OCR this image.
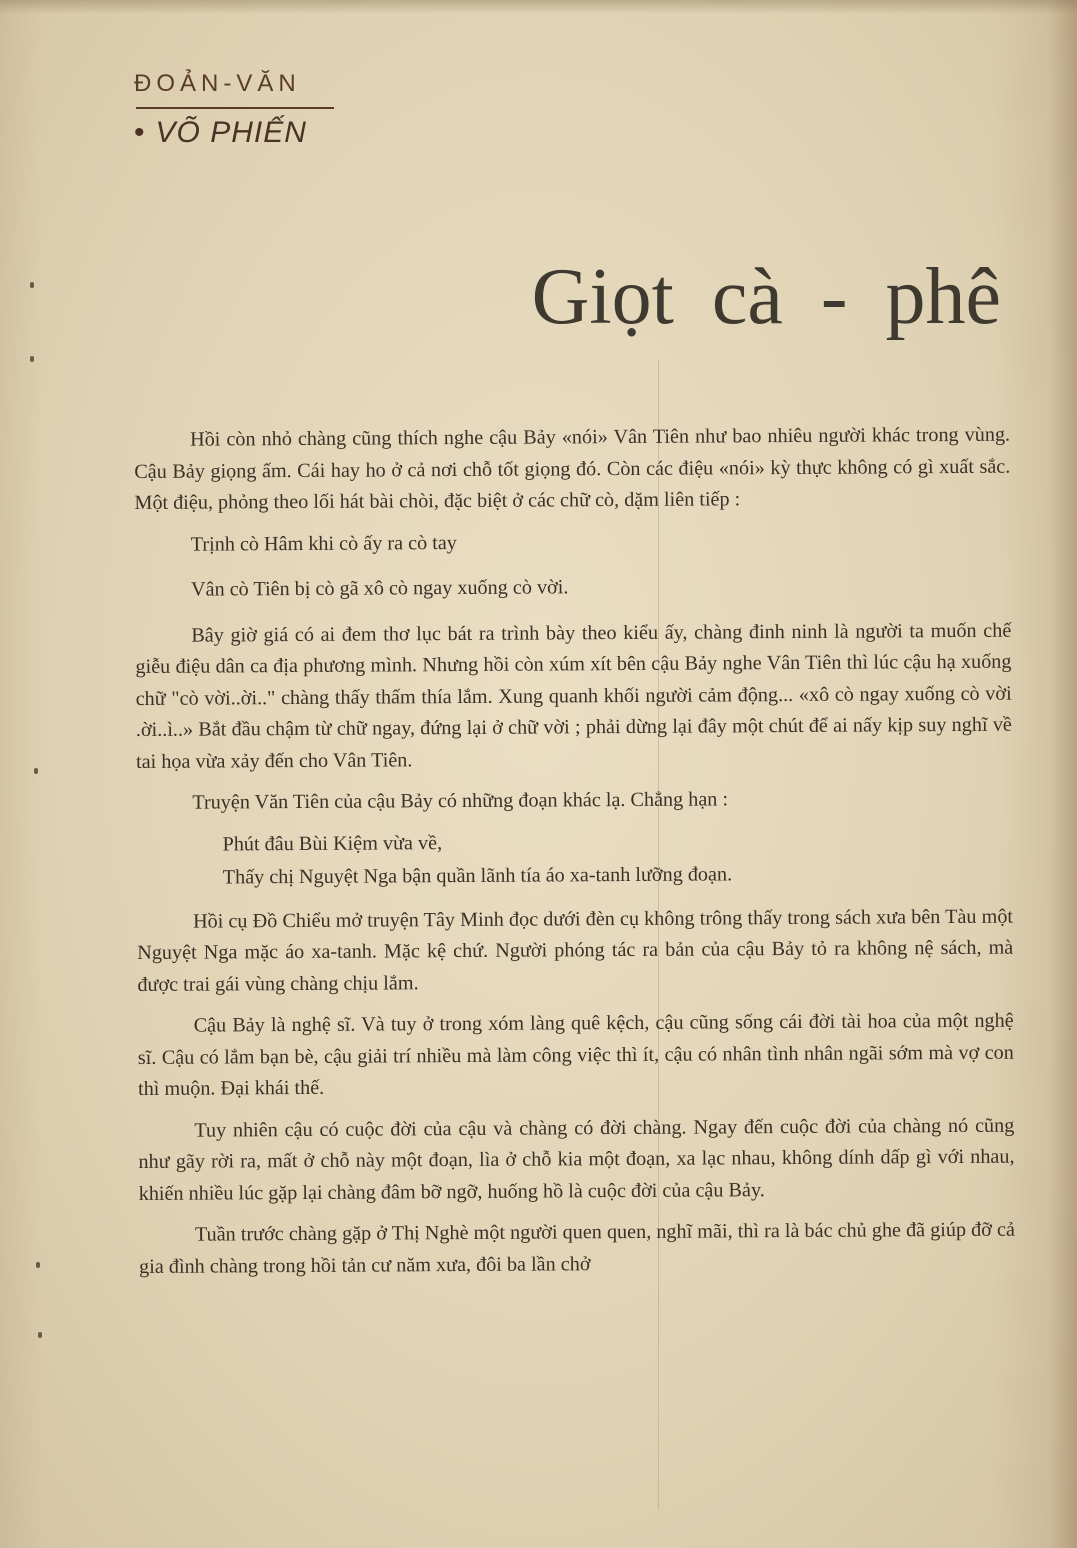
ĐOẢN-VĂN
• VÕ PHIẾN
Giọt cà - phê

Hồi còn nhỏ chàng cũng thích nghe cậu Bảy «nói» Vân Tiên như bao nhiêu người khác trong vùng. Cậu Bảy giọng ấm. Cái hay ho ở cả nơi chỗ tốt giọng đó. Còn các điệu «nói» kỳ thực không có gì xuất sắc. Một điệu, phỏng theo lối hát bài chòi, đặc biệt ở các chữ cò, dặm liên tiếp :

Trịnh cò Hâm khi cò ấy ra cò tay

Vân cò Tiên bị cò gã xô cò ngay xuống cò vời.

Bây giờ giá có ai đem thơ lục bát ra trình bày theo kiểu ấy, chàng đinh ninh là người ta muốn chế giễu điệu dân ca địa phương mình. Nhưng hồi còn xúm xít bên cậu Bảy nghe Vân Tiên thì lúc cậu hạ xuống chữ "cò vời..ời.." chàng thấy thấm thía lắm. Xung quanh khối người cảm động... «xô cò ngay xuống cò vời .ời..ì..» Bắt đầu chậm từ chữ ngay, đứng lại ở chữ vời ; phải dừng lại đây một chút để ai nấy kịp suy nghĩ về tai họa vừa xảy đến cho Vân Tiên.

Truyện Văn Tiên của cậu Bảy có những đoạn khác lạ. Chẳng hạn :

Phút đâu Bùi Kiệm vừa về,

Thấy chị Nguyệt Nga bận quần lãnh tía áo xa-tanh lưỡng đoạn.

Hồi cụ Đồ Chiểu mở truyện Tây Minh đọc dưới đèn cụ không trông thấy trong sách xưa bên Tàu một Nguyệt Nga mặc áo xa-tanh. Mặc kệ chứ. Người phóng tác ra bản của cậu Bảy tỏ ra không nệ sách, mà được trai gái vùng chàng chịu lắm.

Cậu Bảy là nghệ sĩ. Và tuy ở trong xóm làng quê kệch, cậu cũng sống cái đời tài hoa của một nghệ sĩ. Cậu có lắm bạn bè, cậu giải trí nhiều mà làm công việc thì ít, cậu có nhân tình nhân ngãi sớm mà vợ con thì muộn. Đại khái thế.

Tuy nhiên cậu có cuộc đời của cậu và chàng có đời chàng. Ngay đến cuộc đời của chàng nó cũng như gãy rời ra, mất ở chỗ này một đoạn, lìa ở chỗ kia một đoạn, xa lạc nhau, không dính dấp gì với nhau, khiến nhiều lúc gặp lại chàng đâm bỡ ngỡ, huống hồ là cuộc đời của cậu Bảy.

Tuần trước chàng gặp ở Thị Nghè một người quen quen, nghĩ mãi, thì ra là bác chủ ghe đã giúp đỡ cả gia đình chàng trong hồi tản cư năm xưa, đôi ba lần chở
